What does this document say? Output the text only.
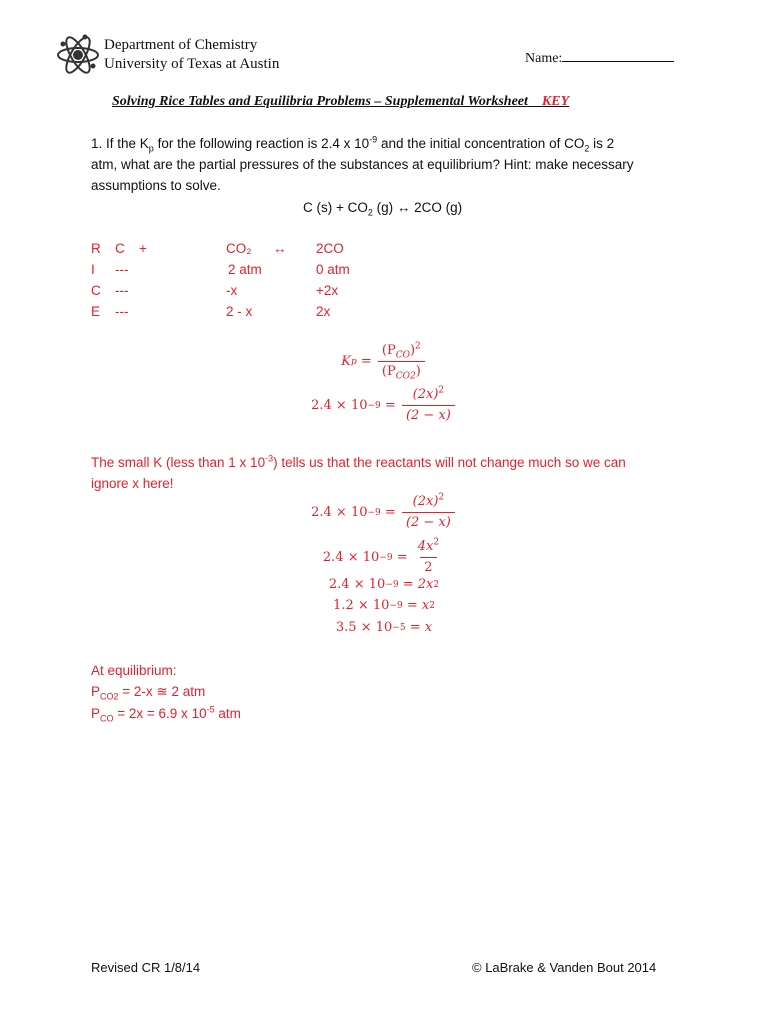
Department of Chemistry
University of Texas at Austin	Name:
Solving Rice Tables and Equilibria Problems – Supplemental Worksheet KEY
1. If the $K_p$ for the following reaction is 2.4 x $10^{-9}$ and the initial concentration of $CO_2$ is 2
atm, what are the partial pressures of the substances at equilibrium? Hint: make necessary
assumptions to solve.
C $(s) + CO_2$ (g) ↔ 2CO (g)
R C +	CO₂ ↔ 2CO
I ---	2 atm	0 atm
C ---	-x	+2x
E ---	2 - x	2x
K $p = \frac{(P_{CO})^2}{(P_{CO2})}$
$2.4 \times 10 -9 = \frac{(2x)^2}{(2 - x)}$
The small K (less than 1 x $10^{-3}$) tells us that the reactants will not change much so we can
ignore x here!
$2.4 \times 10 -9 = \frac{(2x)^2}{(2 - x)}$
$2.4 \times 10 -9 = \frac{4x^2}{2}$
2.4 × 10 −9 = 2x 2
1.2 × 10 −9 = x 2
3.5 × 10 −5 = x
At equilibrium:
$P_{CO2} = 2-x$ ≊ 2 atm
$P_{CO} = 2x = 6.9$ x $10^{-5}$ atm
Revised CR 1/8/14	© LaBrake & Vanden Bout 2014
